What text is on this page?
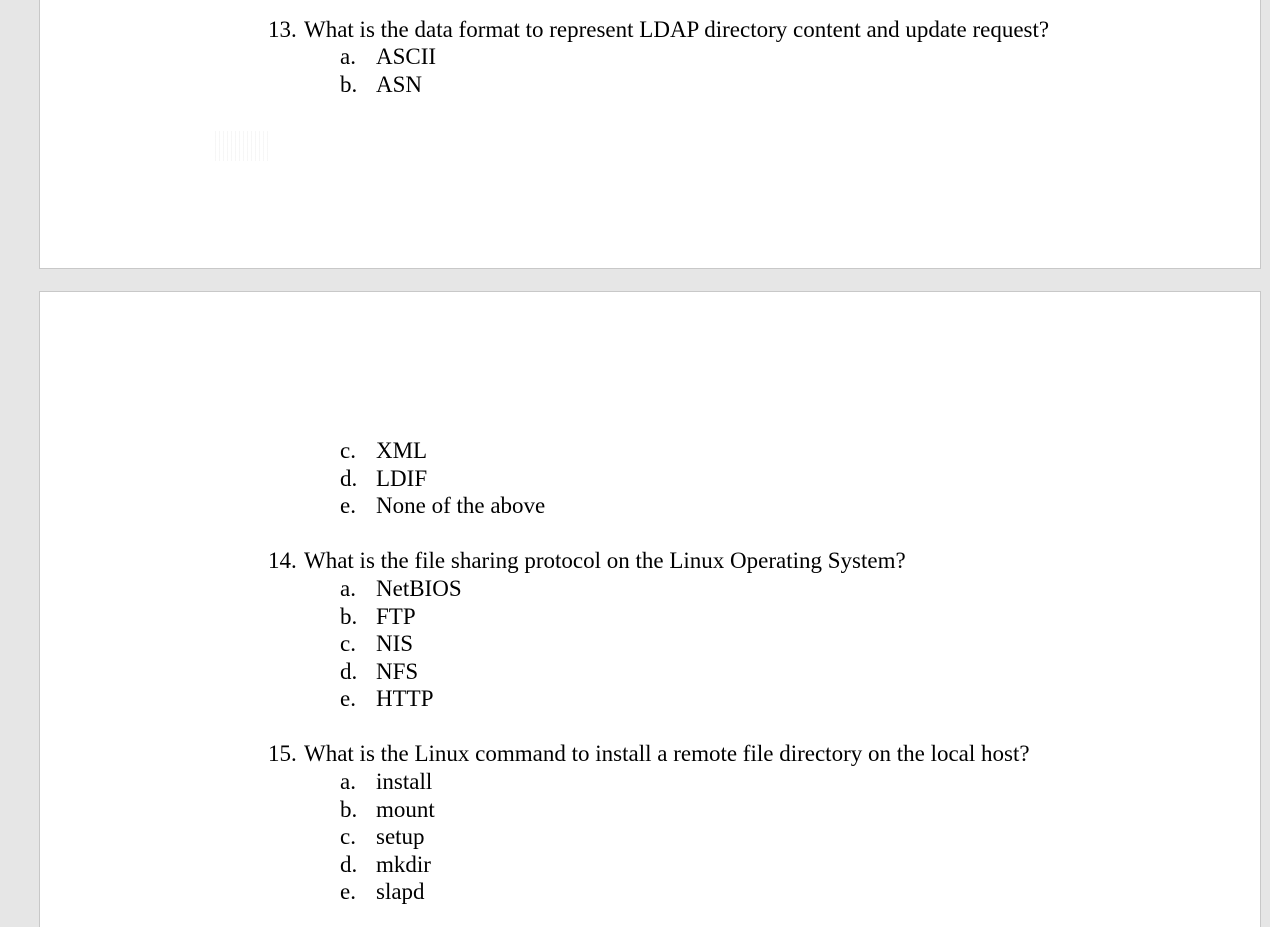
13. What is the data format to represent LDAP directory content and update request?
a. ASCII
b. ASN
c. XML
d. LDIF
e. None of the above
14. What is the file sharing protocol on the Linux Operating System?
a. NetBIOS
b. FTP
c. NIS
d. NFS
e. HTTP
15. What is the Linux command to install a remote file directory on the local host?
a. install
b. mount
c. setup
d. mkdir
e. slapd
